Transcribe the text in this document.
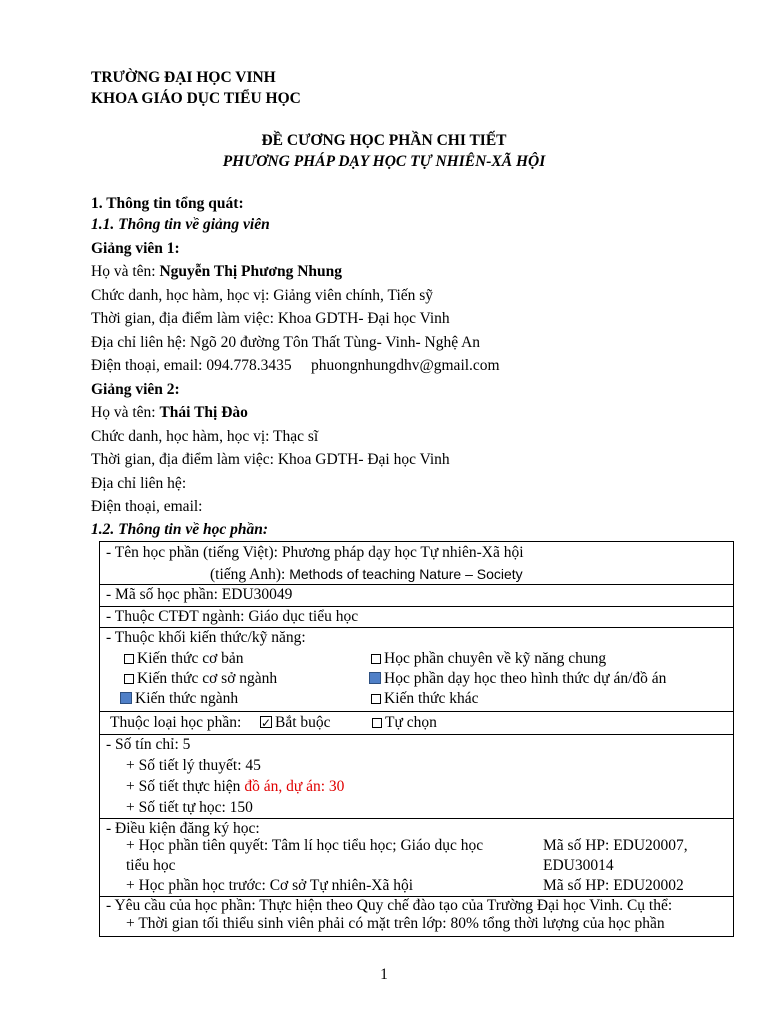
TRƯỜNG ĐẠI HỌC VINH
KHOA GIÁO DỤC TIỂU HỌC
ĐỀ CƯƠNG HỌC PHẦN CHI TIẾT
PHƯƠNG PHÁP DẠY HỌC TỰ NHIÊN-XÃ HỘI
1. Thông tin tổng quát:
1.1. Thông tin về giảng viên
Giảng viên 1:
Họ và tên: Nguyễn Thị Phương Nhung
Chức danh, học hàm, học vị: Giảng viên chính, Tiến sỹ
Thời gian, địa điểm làm việc: Khoa GDTH- Đại học Vinh
Địa chỉ liên hệ: Ngõ 20 đường Tôn Thất Tùng- Vinh- Nghệ An
Điện thoại, email: 094.778.3435     phuongnhungdhv@gmail.com
Giảng viên 2:
Họ và tên: Thái Thị Đào
Chức danh, học hàm, học vị: Thạc sĩ
Thời gian, địa điểm làm việc: Khoa GDTH- Đại học Vinh
Địa chỉ liên hệ:
Điện thoại, email:
1.2. Thông tin về học phần:
- Tên học phần (tiếng Việt): Phương pháp dạy học Tự nhiên-Xã hội
(tiếng Anh): Methods of teaching Nature – Society
- Mã số học phần: EDU30049
- Thuộc CTĐT ngành: Giáo dục tiểu học
- Thuộc khối kiến thức/kỹ năng:
Kiến thức cơ bản
Kiến thức cơ sở ngành
Kiến thức ngành
Học phần chuyên về kỹ năng chung
Học phần dạy học theo hình thức dự án/đồ án
Kiến thức khác
Thuộc loại học phần:
✓	Bắt buộc	Tự chọn
- Số tín chỉ: 5
+ Số tiết lý thuyết: 45
+ Số tiết thực hiện đồ án, dự án: 30
+ Số tiết tự học: 150
- Điều kiện đăng ký học:
+ Học phần tiên quyết: Tâm lí học tiểu học; Giáo dục học
tiểu học
Mã số HP: EDU20007,
EDU30014
+ Học phần học trước: Cơ sở Tự nhiên-Xã hội	Mã số HP: EDU20002
- Yêu cầu của học phần: Thực hiện theo Quy chế đào tạo của Trường Đại học Vinh. Cụ thể:
+ Thời gian tối thiểu sinh viên phải có mặt trên lớp: 80% tổng thời lượng của học phần
1
